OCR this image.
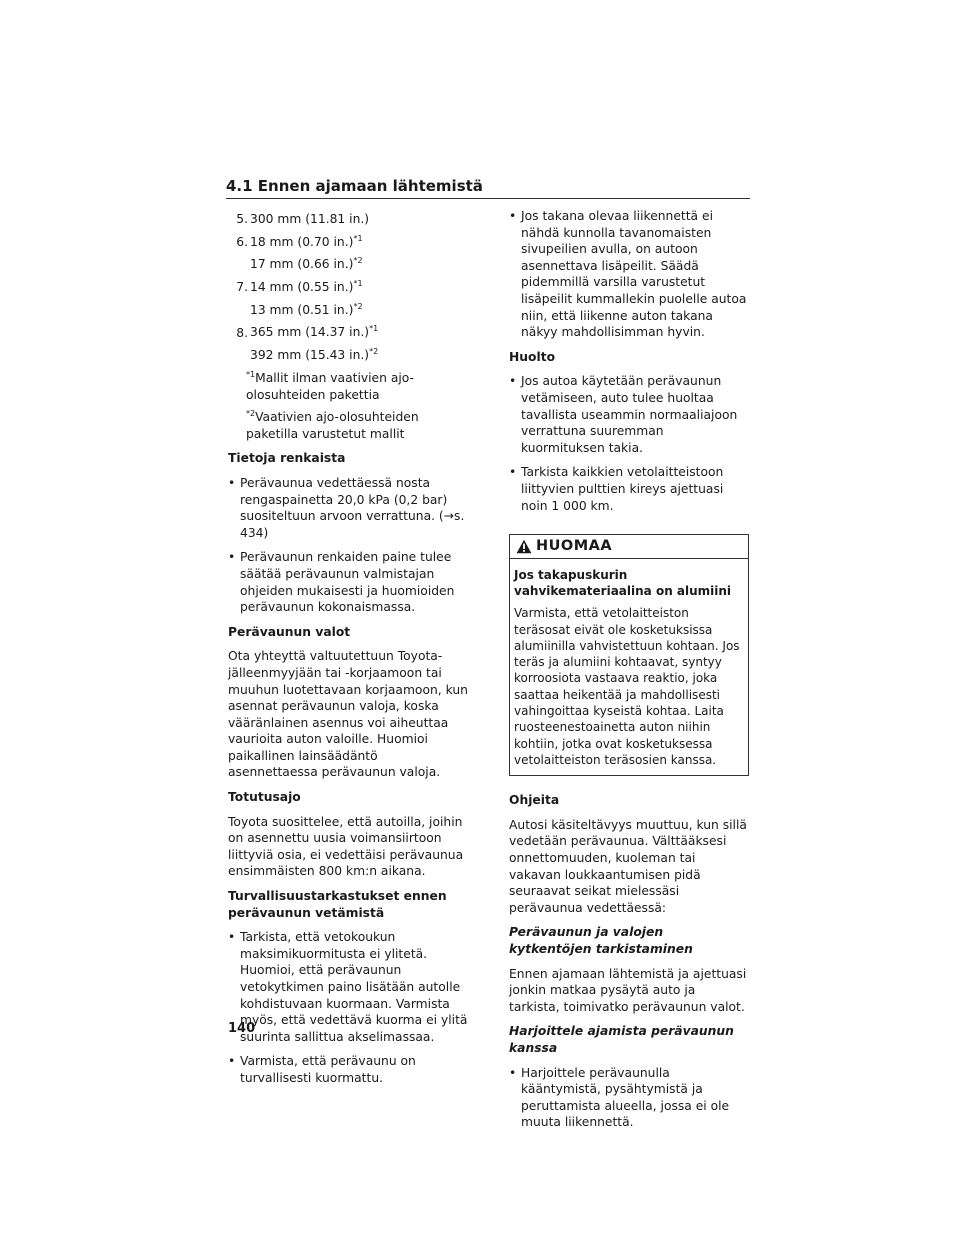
4.1 Ennen ajamaan lähtemistä
5. 300 mm (11.81 in.)
6. 18 mm (0.70 in.)$^{*1}$
17 mm (0.66 in.)$^{*2}$
7. 14 mm (0.55 in.)$^{*1}$
13 mm (0.51 in.)$^{*2}$
8. 365 mm (14.37 in.)$^{*1}$
392 mm (15.43 in.)$^{*2}$
$^{*1}$Mallit ilman vaativien ajo-olosuhteiden pakettia
$^{*2}$Vaativien ajo-olosuhteiden paketilla varustetut mallit
Tietoja renkaista
• Perävaunua vedettäessä nosta rengaspainetta 20,0 kPa (0,2 bar) suositeltuun arvoon verrattuna. (→s. 434)
• Perävaunun renkaiden paine tulee säätää perävaunun valmistajan ohjeiden mukaisesti ja huomioiden perävaunun kokonaismassa.
Perävaunun valot

Ota yhteyttä valtuutettuun Toyota-jälleenmyyjään tai -korjaamoon tai muuhun luotettavaan korjaamoon, kun asennat perävaunun valoja, koska vääränlainen asennus voi aiheuttaa vaurioita auton valoille. Huomioi paikallinen lainsäädäntö asennettaessa perävaunun valoja.

Totutusajo

Toyota suosittelee, että autoilla, joihin on asennettu uusia voimansiirtoon liittyviä osia, ei vedettäisi perävaunua ensimmäisten 800 km:n aikana.

Turvallisuustarkastukset ennen perävaunun vetämistä
• Tarkista, että vetokoukun maksimikuormitusta ei ylitetä. Huomioi, että perävaunun vetokytkimen paino lisätään autolle kohdistuvaan kuormaan. Varmista myös, että vedettävä kuorma ei ylitä suurinta sallittua akselimassaa.
• Varmista, että perävaunu on turvallisesti kuormattu.
• Jos takana olevaa liikennettä ei nähdä kunnolla tavanomaisten sivupeilien avulla, on autoon asennettava lisäpeilit. Säädä pidemmillä varsilla varustetut lisäpeilit kummallekin puolelle autoa niin, että liikenne auton takana näkyy mahdollisimman hyvin.
Huolto
• Jos autoa käytetään perävaunun vetämiseen, auto tulee huoltaa tavallista useammin normaaliajoon verrattuna suuremman kuormituksen takia.
• Tarkista kaikkien vetolaitteistoon liittyvien pulttien kireys ajettuasi noin 1 000 km.
HUOMAA
Jos takapuskurin vahvikemateriaalina on alumiini

Varmista, että vetolaitteiston teräsosat eivät ole kosketuksissa alumiinilla vahvistettuun kohtaan. Jos teräs ja alumiini kohtaavat, syntyy korroosiota vastaava reaktio, joka saattaa heikentää ja mahdollisesti vahingoittaa kyseistä kohtaa. Laita ruosteenestoainetta auton niihin kohtiin, jotka ovat kosketuksessa vetolaitteiston teräsosien kanssa.

Ohjeita

Autosi käsiteltävyys muuttuu, kun sillä vedetään perävaunua. Välttääksesi onnettomuuden, kuoleman tai vakavan loukkaantumisen pidä seuraavat seikat mielessäsi perävaunua vedettäessä:

Perävaunun ja valojen kytkentöjen tarkistaminen

Ennen ajamaan lähtemistä ja ajettuasi jonkin matkaa pysäytä auto ja tarkista, toimivatko perävaunun valot.

Harjoittele ajamista perävaunun kanssa
• Harjoittele perävaunulla kääntymistä, pysähtymistä ja peruttamista alueella, jossa ei ole muuta liikennettä.
140
